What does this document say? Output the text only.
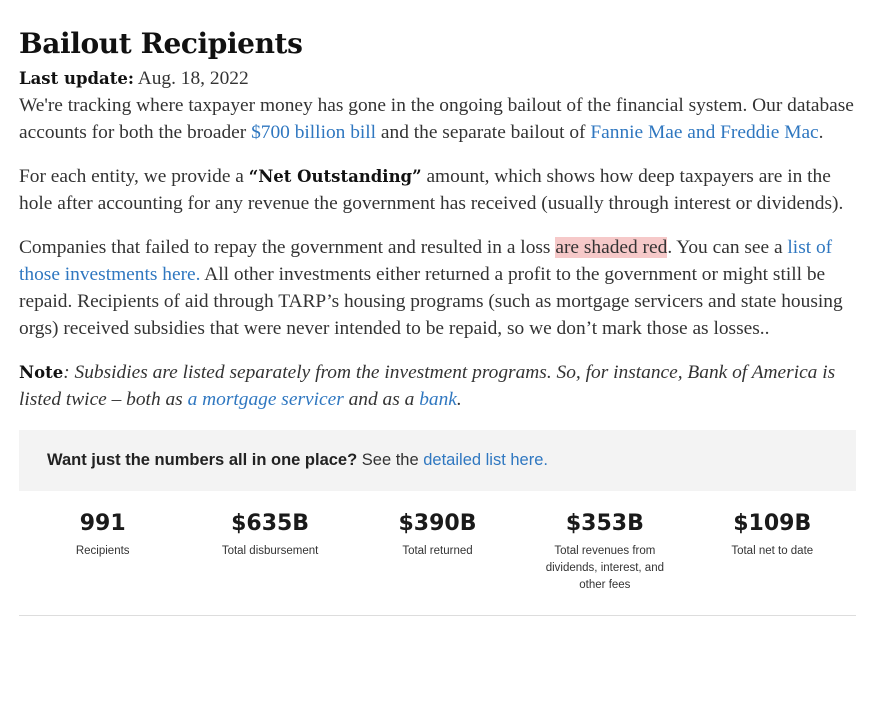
Bailout Recipients

Last update: Aug. 18, 2022

We're tracking where taxpayer money has gone in the ongoing bailout of the financial system. Our database accounts for both the broader $700 billion bill and the separate bailout of Fannie Mae and Freddie Mac.

For each entity, we provide a “Net Outstanding” amount, which shows how deep taxpayers are in the hole after accounting for any revenue the government has received (usually through interest or dividends).

Companies that failed to repay the government and resulted in a loss are shaded red. You can see a list of those investments here. All other investments either returned a profit to the government or might still be repaid. Recipients of aid through TARP’s housing programs (such as mortgage servicers and state housing orgs) received subsidies that were never intended to be repaid, so we don’t mark those as losses..

Note: Subsidies are listed separately from the investment programs. So, for instance, Bank of America is listed twice – both as a mortgage servicer and as a bank.

Want just the numbers all in one place? See the detailed list here.
991
Recipients
$635B
Total disbursement
$390B
Total returned
$353B
Total revenues from dividends, interest, and other fees
$109B
Total net to date
